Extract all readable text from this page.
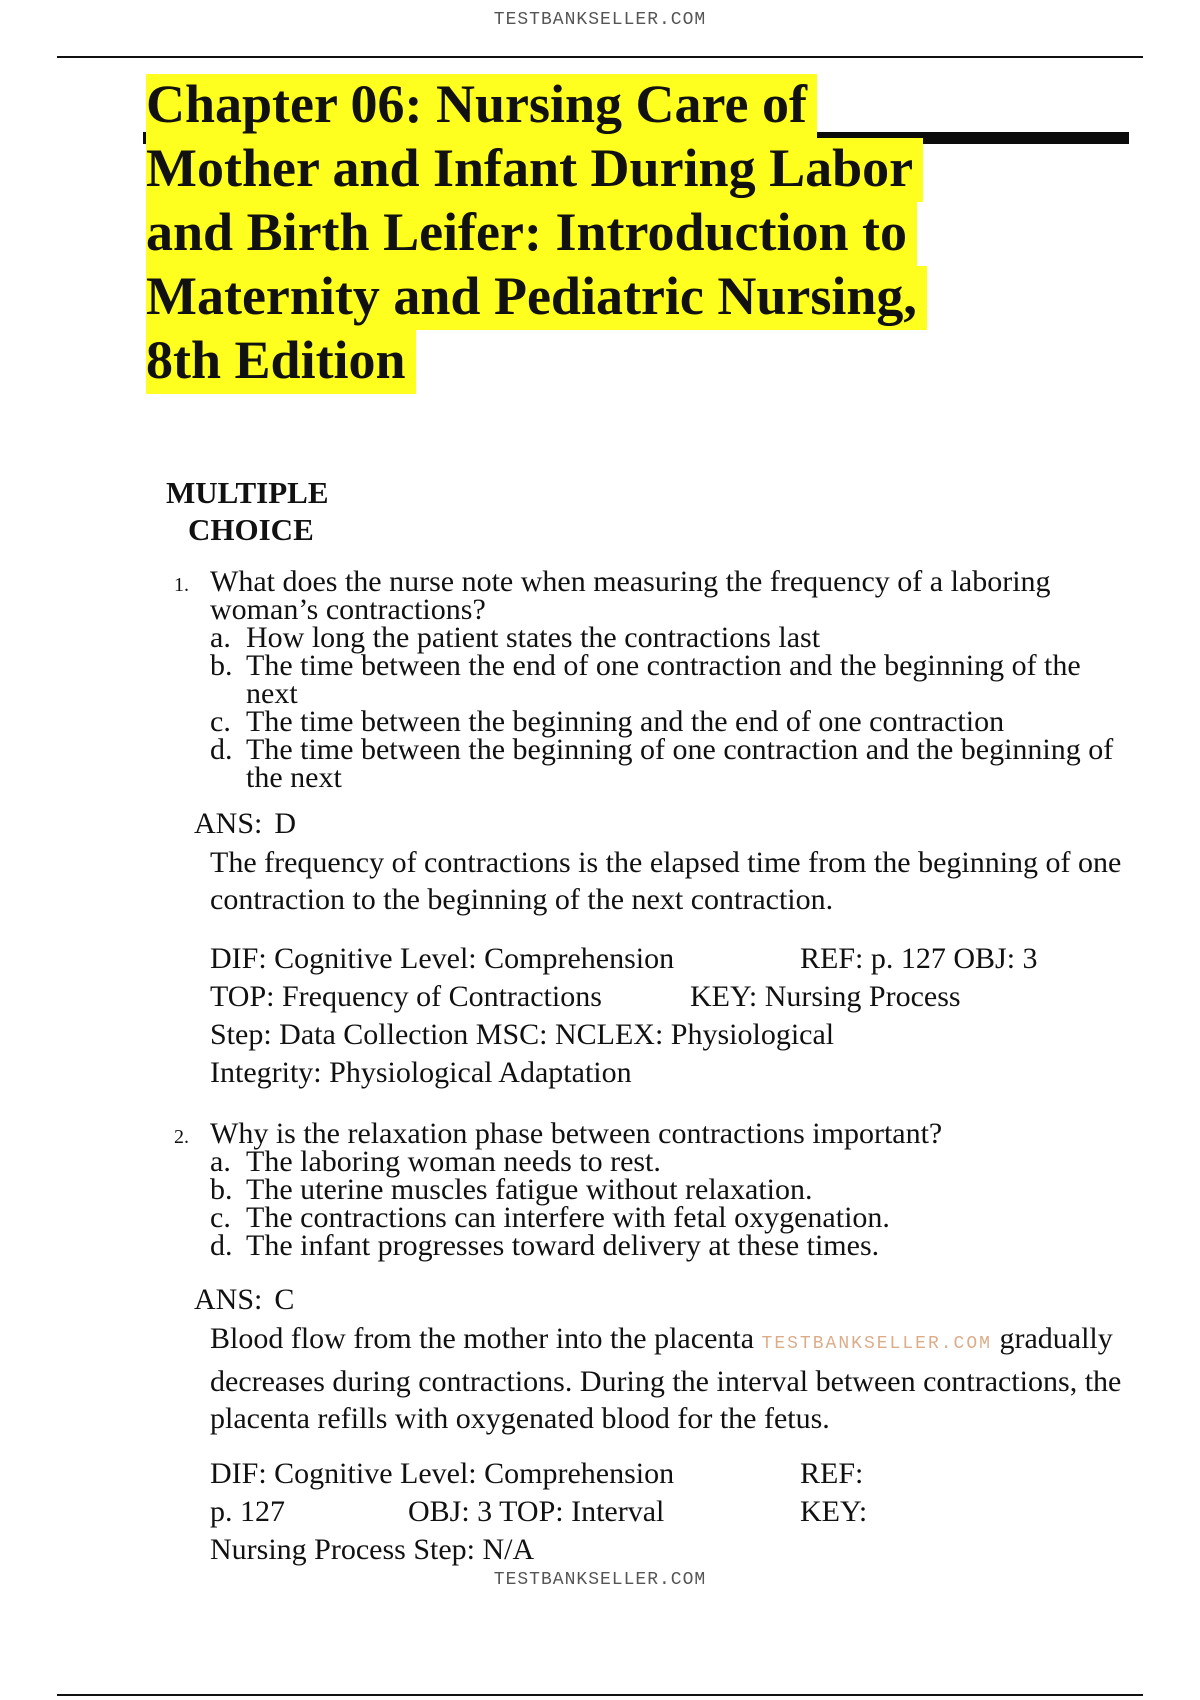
TESTBANKSELLER.COM
Chapter 06: Nursing Care of
Mother and Infant During Labor
and Birth Leifer: Introduction to
Maternity and Pediatric Nursing,
8th Edition
MULTIPLE
CHOICE
1. What does the nurse note when measuring the frequency of a laboring woman’s contractions?
a. How long the patient states the contractions last
b. The time between the end of one contraction and the beginning of the next
c. The time between the beginning and the end of one contraction
d. The time between the beginning of one contraction and the beginning of the next
ANS: D
The frequency of contractions is the elapsed time from the beginning of one contraction to the beginning of the next contraction.
DIF: Cognitive Level: Comprehension	REF: p. 127 OBJ: 3
TOP: Frequency of Contractions	KEY: Nursing Process
Step: Data Collection MSC: NCLEX: Physiological
Integrity: Physiological Adaptation
2. Why is the relaxation phase between contractions important?
a. The laboring woman needs to rest.
b. The uterine muscles fatigue without relaxation.
c. The contractions can interfere with fetal oxygenation.
d. The infant progresses toward delivery at these times.
ANS: C
Blood flow from the mother into the placenta TESTBANKSELLER.COM gradually decreases during contractions. During the interval between contractions, the placenta refills with oxygenated blood for the fetus.
DIF: Cognitive Level: Comprehension	REF:
p. 127	OBJ: 3 TOP: Interval	KEY:
Nursing Process Step: N/A
TESTBANKSELLER.COM
